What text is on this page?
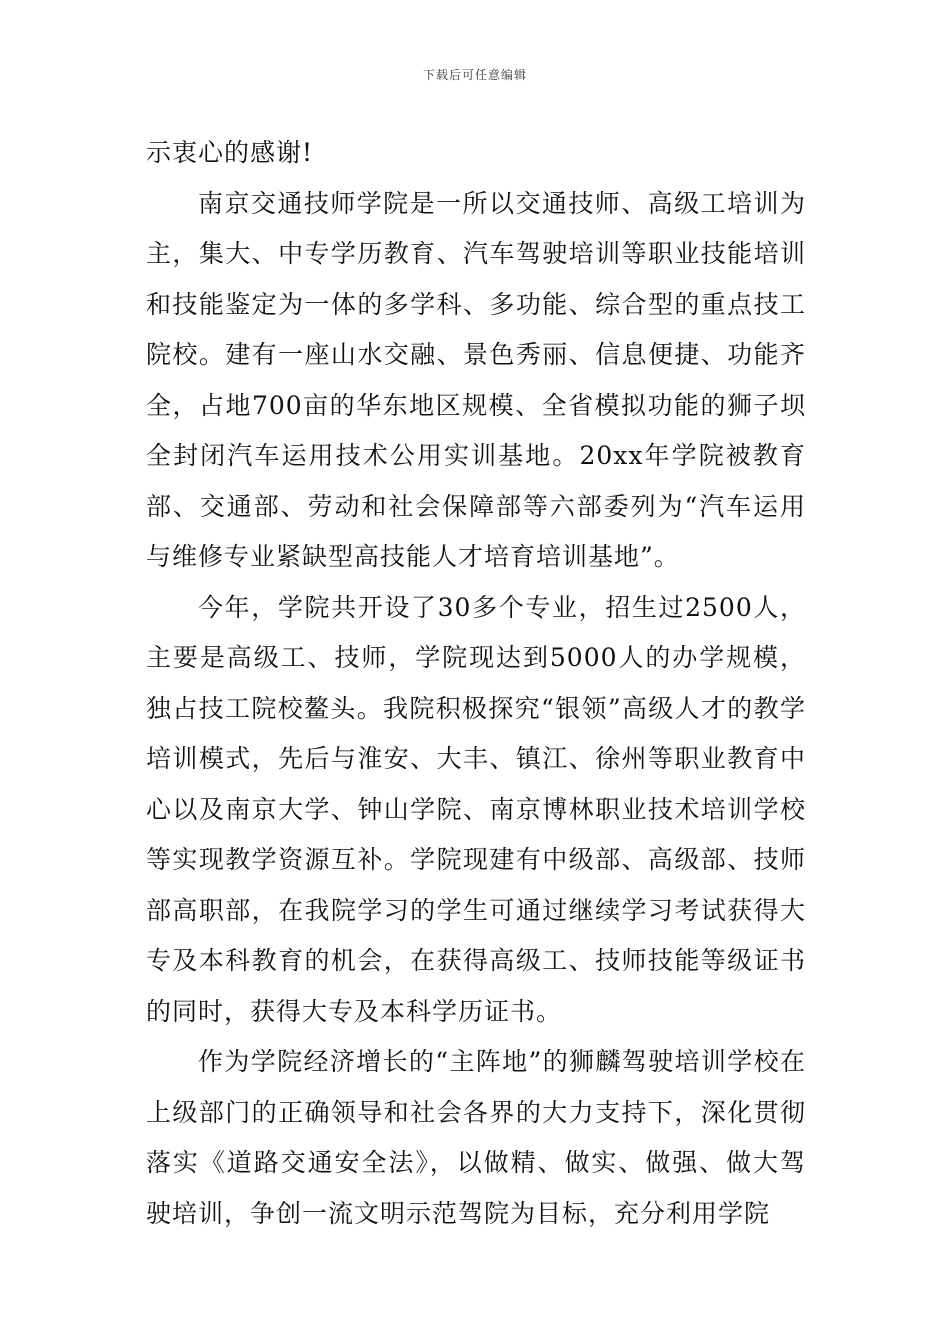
下载后可任意编辑

示衷心的感谢!

南京交通技师学院是一所以交通技师、高级工培训为主，集大、中专学历教育、汽车驾驶培训等职业技能培训和技能鉴定为一体的多学科、多功能、综合型的重点技工院校。建有一座山水交融、景色秀丽、信息便捷、功能齐全，占地700亩的华东地区规模、全省模拟功能的狮子坝全封闭汽车运用技术公用实训基地。20xx年学院被教育部、交通部、劳动和社会保障部等六部委列为“汽车运用与维修专业紧缺型高技能人才培育培训基地”。

今年，学院共开设了30多个专业，招生过2500人，主要是高级工、技师，学院现达到5000人的办学规模，独占技工院校鳌头。我院积极探究“银领”高级人才的教学培训模式，先后与淮安、大丰、镇江、徐州等职业教育中心以及南京大学、钟山学院、南京博林职业技术培训学校等实现教学资源互补。学院现建有中级部、高级部、技师部高职部，在我院学习的学生可通过继续学习考试获得大专及本科教育的机会，在获得高级工、技师技能等级证书的同时，获得大专及本科学历证书。

作为学院经济增长的“主阵地”的狮麟驾驶培训学校在上级部门的正确领导和社会各界的大力支持下，深化贯彻落实《道路交通安全法》，以做精、做实、做强、做大驾驶培训，争创一流文明示范驾院为目标，充分利用学院
